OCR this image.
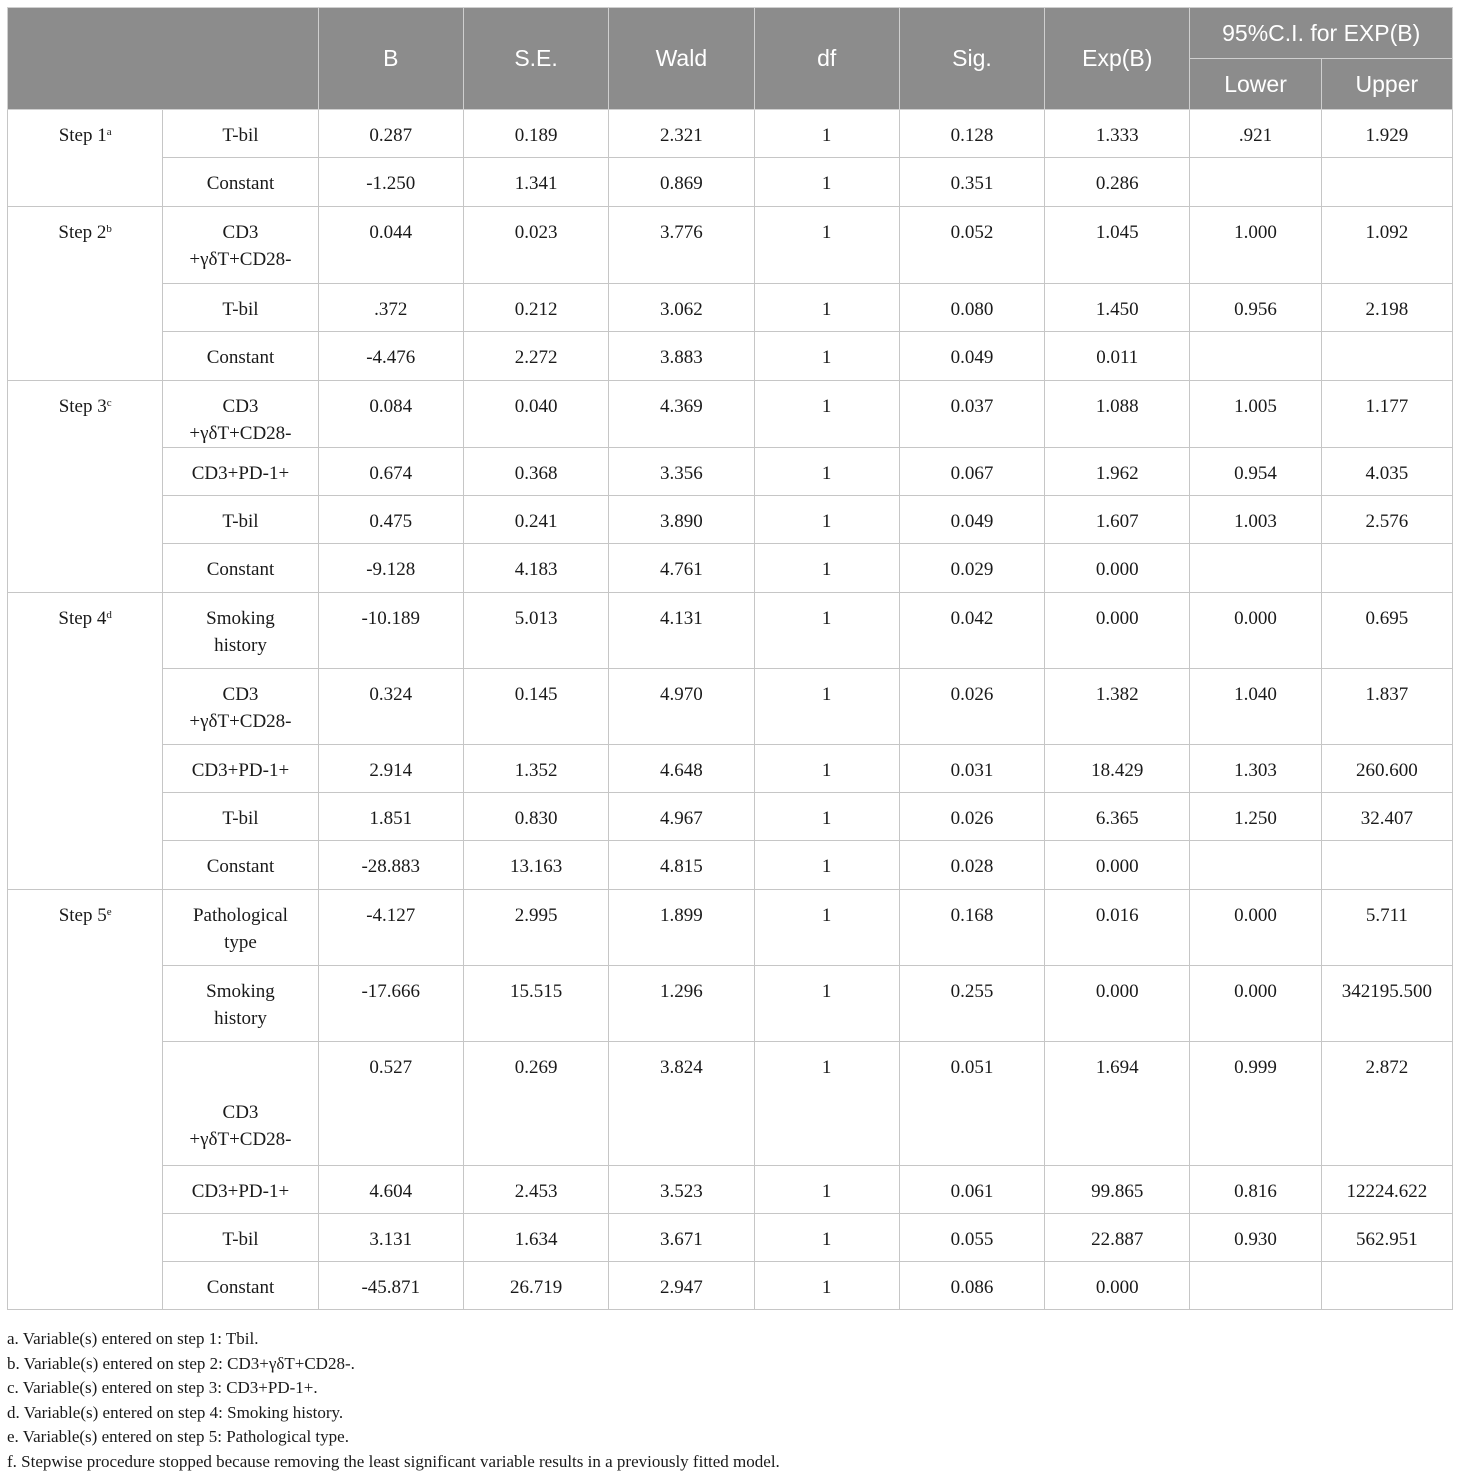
		B	S.E.	Wald	df	Sig.	Exp(B)	95%C.I. for EXP(B)	
								Lower	Upper
Step 1$^a$	T-bil	0.287	0.189	2.321	1	0.128	1.333	.921	1.929
	Constant	-1.250	1.341	0.869	1	0.351	0.286		
Step 2$^b$	CD3 +γδT+CD28-	0.044	0.023	3.776	1	0.052	1.045	1.000	1.092
	T-bil	.372	0.212	3.062	1	0.080	1.450	0.956	2.198
	Constant	-4.476	2.272	3.883	1	0.049	0.011		
Step 3$^c$	CD3 +γδT+CD28-	0.084	0.040	4.369	1	0.037	1.088	1.005	1.177
	CD3+PD-1+	0.674	0.368	3.356	1	0.067	1.962	0.954	4.035
	T-bil	0.475	0.241	3.890	1	0.049	1.607	1.003	2.576
	Constant	-9.128	4.183	4.761	1	0.029	0.000		
Step 4$^d$	Smoking history	-10.189	5.013	4.131	1	0.042	0.000	0.000	0.695
	CD3 +γδT+CD28-	0.324	0.145	4.970	1	0.026	1.382	1.040	1.837
	CD3+PD-1+	2.914	1.352	4.648	1	0.031	18.429	1.303	260.600
	T-bil	1.851	0.830	4.967	1	0.026	6.365	1.250	32.407
	Constant	-28.883	13.163	4.815	1	0.028	0.000		
Step 5e	Pathological type	-4.127	2.995	1.899	1	0.168	0.016	0.000	5.711
	Smoking history	-17.666	15.515	1.296	1	0.255	0.000	0.000	342195.500
	CD3 +γδT+CD28-	0.527	0.269	3.824	1	0.051	1.694	0.999	2.872
	CD3+PD-1+	4.604	2.453	3.523	1	0.061	99.865	0.816	12224.622
	T-bil	3.131	1.634	3.671	1	0.055	22.887	0.930	562.951
	Constant	-45.871	26.719	2.947	1	0.086	0.000		
a. Variable(s) entered on step 1: Tbil.
b. Variable(s) entered on step 2: CD3+γδT+CD28-.
c. Variable(s) entered on step 3: CD3+PD-1+.
d. Variable(s) entered on step 4: Smoking history.
e. Variable(s) entered on step 5: Pathological type.
f. Stepwise procedure stopped because removing the least significant variable results in a previously fitted model.
